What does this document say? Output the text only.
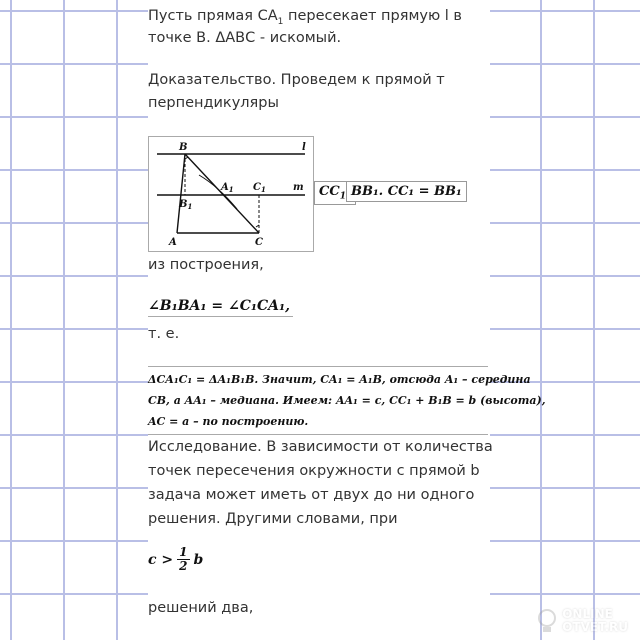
Пусть прямая $СА_1$ пересекает прямую l в
точке В. ΔАВС - искомый.
Доказательство. Проведем к прямой т
перпендикуляры
B	l
$A_1$ $C_1$	m
$B_1$
A	C
$CC_1$ BB₁. CC₁ = BB₁
из построения,
∠B₁BA₁ = ∠C₁CA₁,
т. е.
ΔCA₁C₁ = ΔA₁B₁B. Значит, CA₁ = A₁B, отсюда A₁ – середина
CB, а AA₁ – медиана. Имеем: AA₁ = c, CC₁ + B₁B = b (высота),
AC = a – по построению.
Исследование. В зависимости от количества
точек пересечения окружности с прямой b
задача может иметь от двух до ни одного
решения. Другими словами, при
$c > \frac{1}{2}$ b
решений два,	ONLINE
OTVET.RU
